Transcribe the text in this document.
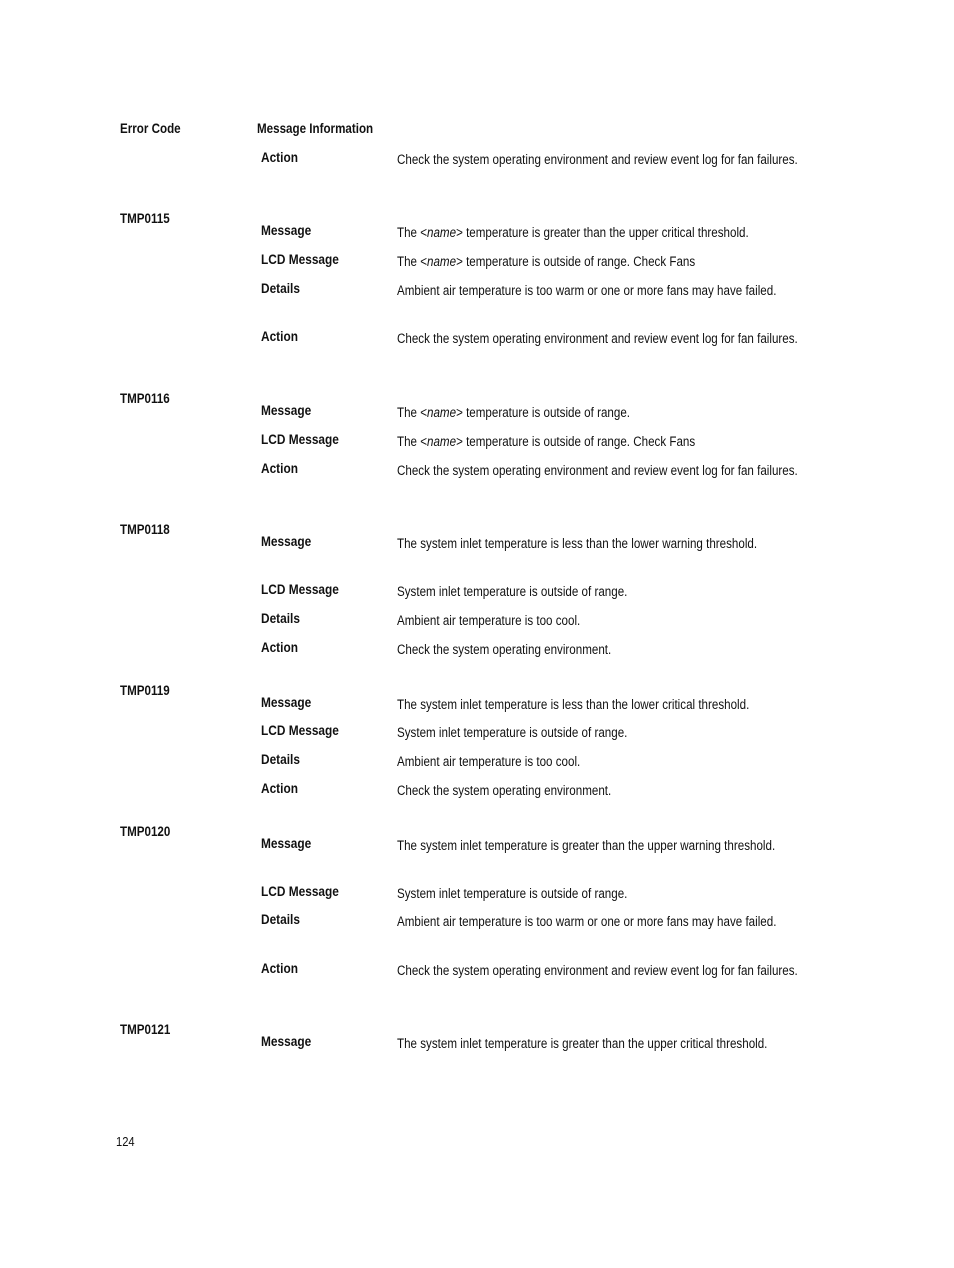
Error Code	Message Information
Action	Check the system operating environment and review event log for fan failures.
TMP0115
Message	The <name> temperature is greater than the upper critical threshold.
LCD Message	The <name> temperature is outside of range. Check Fans
Details	Ambient air temperature is too warm or one or more fans may have failed.
Action	Check the system operating environment and review event log for fan failures.
TMP0116
Message	The <name> temperature is outside of range.
LCD Message	The <name> temperature is outside of range. Check Fans
Action	Check the system operating environment and review event log for fan failures.
TMP0118
Message	The system inlet temperature is less than the lower warning threshold.
LCD Message	System inlet temperature is outside of range.
Details	Ambient air temperature is too cool.
Action	Check the system operating environment.
TMP0119
Message	The system inlet temperature is less than the lower critical threshold.
LCD Message	System inlet temperature is outside of range.
Details	Ambient air temperature is too cool.
Action	Check the system operating environment.
TMP0120
Message	The system inlet temperature is greater than the upper warning threshold.
LCD Message	System inlet temperature is outside of range.
Details	Ambient air temperature is too warm or one or more fans may have failed.
Action	Check the system operating environment and review event log for fan failures.
TMP0121
Message	The system inlet temperature is greater than the upper critical threshold.
124
